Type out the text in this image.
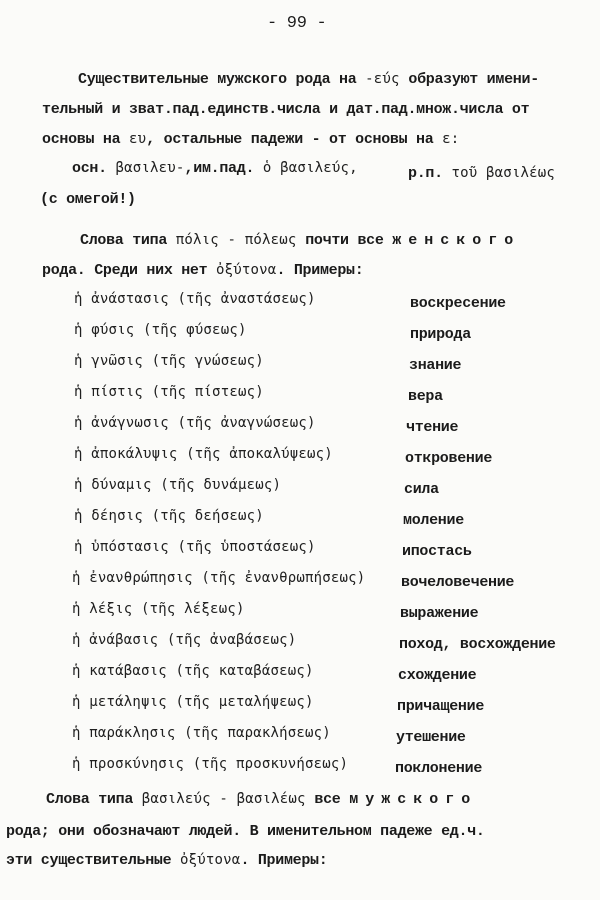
- 99 -
Существительные мужского рода на -εύς образуют имени-
тельный и зват.пад.единств.числа и дат.пад.множ.числа от
основы на ευ, остальные падежи - от основы на ε:
осн. βασιλευ-,им.пад. ὁ βασιλεύς,	р.п. τοῦ βασιλέως
(с омегой!)
Слова типа πόλις - πόλεως почти все женского
рода. Среди них нет ὀξύτονα. Примеры:
ἡ ἀνάστασις (τῆς ἀναστάσεως)	воскресение
ἡ φύσις (τῆς φύσεως)	природа
ἡ γνῶσις (τῆς γνώσεως)	знание
ἡ πίστις (τῆς πίστεως)	вера
ἡ ἀνάγνωσις (τῆς ἀναγνώσεως)	чтение
ἡ ἀποκάλυψις (τῆς ἀποκαλύψεως)	откровение
ἡ δύναμις (τῆς δυνάμεως)	сила
ἡ δέησις (τῆς δεήσεως)	моление
ἡ ὑπόστασις (τῆς ὑποστάσεως)	ипостась
ἡ ἐνανθρώπησις (τῆς ἐνανθρωπήσεως) вочеловечение
ἡ λέξις (τῆς λέξεως)	выражение
ἡ ἀνάβασις (τῆς ἀναβάσεως)	поход, восхождение
ἡ κατάβασις (τῆς καταβάσεως)	схождение
ἡ μετάληψις (τῆς μεταλήψεως)	причащение
ἡ παράκλησις (τῆς παρακλήσεως)	утешение
ἡ προσκύνησις (τῆς προσκυνήσεως)	поклонение
Слова типа βασιλεύς - βασιλέως все мужского
рода; они обозначают людей. В именительном падеже ед.ч.
эти существительные ὀξύτονα. Примеры:
